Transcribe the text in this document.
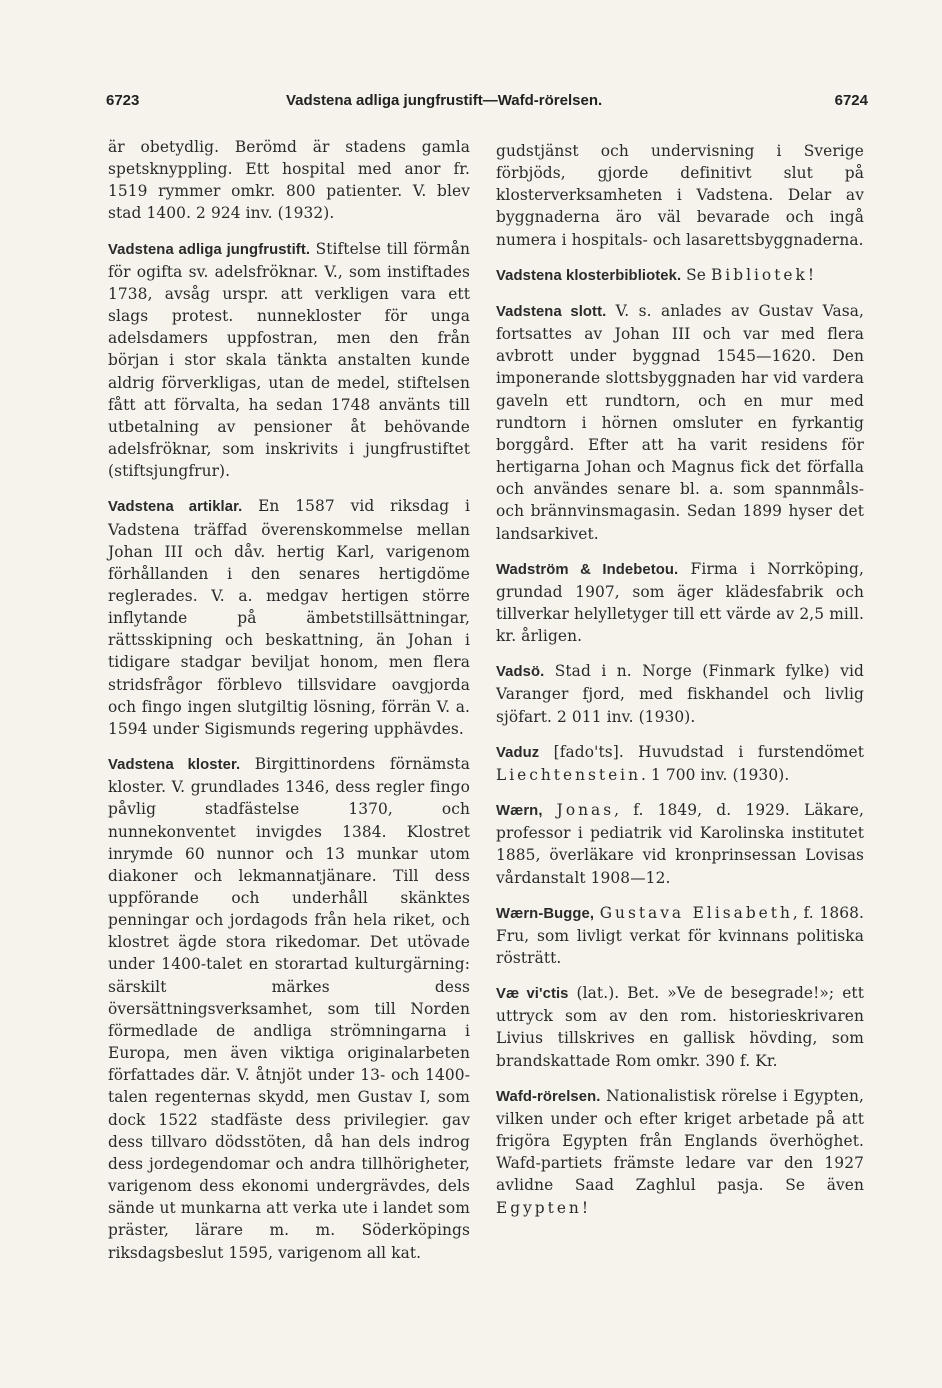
6723	Vadstena adliga jungfrustift—Wafd-rörelsen.	6724

är obetydlig. Berömd är stadens gamla spetsknyppling. Ett hospital med anor fr. 1519 rymmer omkr. 800 patienter. V. blev stad 1400. 2 924 inv. (1932).

Vadstena adliga jungfrustift. Stiftelse till förmån för ogifta sv. adelsfröknar. V., som instiftades 1738, avsåg urspr. att verkligen vara ett slags protest. nunnekloster för unga adelsdamers uppfostran, men den från början i stor skala tänkta anstalten kunde aldrig förverkligas, utan de medel, stiftelsen fått att förvalta, ha sedan 1748 använts till utbetalning av pensioner åt behövande adelsfröknar, som inskrivits i jungfrustiftet (stiftsjungfrur).

Vadstena artiklar. En 1587 vid riksdag i Vadstena träffad överenskommelse mellan Johan III och dåv. hertig Karl, varigenom förhållanden i den senares hertigdöme reglerades. V. a. medgav hertigen större inflytande på ämbetstillsättningar, rättsskipning och beskattning, än Johan i tidigare stadgar beviljat honom, men flera stridsfrågor förblevo tillsvidare oavgjorda och fingo ingen slutgiltig lösning, förrän V. a. 1594 under Sigismunds regering upphävdes.

Vadstena kloster. Birgittinordens förnämsta kloster. V. grundlades 1346, dess regler fingo påvlig stadfästelse 1370, och nunnekonventet invigdes 1384. Klostret inrymde 60 nunnor och 13 munkar utom diakoner och lekmannatjänare. Till dess uppförande och underhåll skänktes penningar och jordagods från hela riket, och klostret ägde stora rikedomar. Det utövade under 1400-talet en storartad kulturgärning: särskilt märkes dess översättningsverksamhet, som till Norden förmedlade de andliga strömningarna i Europa, men även viktiga originalarbeten författades där. V. åtnjöt under 13- och 1400-talen regenternas skydd, men Gustav I, som dock 1522 stadfäste dess privilegier. gav dess tillvaro dödsstöten, då han dels indrog dess jordegendomar och andra tillhörigheter, varigenom dess ekonomi undergrävdes, dels sände ut munkarna att verka ute i landet som präster, lärare m. m. Söderköpings riksdagsbeslut 1595, varigenom all kat.

gudstjänst och undervisning i Sverige förbjöds, gjorde definitivt slut på klosterverksamheten i Vadstena. Delar av byggnaderna äro väl bevarade och ingå numera i hospitals- och lasarettsbyggnaderna.

Vadstena klosterbibliotek. Se Bibliotek!

Vadstena slott. V. s. anlades av Gustav Vasa, fortsattes av Johan III och var med flera avbrott under byggnad 1545—1620. Den imponerande slottsbyggnaden har vid vardera gaveln ett rundtorn, och en mur med rundtorn i hörnen omsluter en fyrkantig borggård. Efter att ha varit residens för hertigarna Johan och Magnus fick det förfalla och användes senare bl. a. som spannmåls- och brännvinsmagasin. Sedan 1899 hyser det landsarkivet.

Wadström & Indebetou. Firma i Norrköping, grundad 1907, som äger klädesfabrik och tillverkar helylletyger till ett värde av 2,5 mill. kr. årligen.

Vadsö. Stad i n. Norge (Finmark fylke) vid Varanger fjord, med fiskhandel och livlig sjöfart. 2 011 inv. (1930).

Vaduz [fado'ts]. Huvudstad i furstendömet Liechtenstein. 1 700 inv. (1930).

Wærn, Jonas, f. 1849, d. 1929. Läkare, professor i pediatrik vid Karolinska institutet 1885, överläkare vid kronprinsessan Lovisas vårdanstalt 1908—12.

Wærn-Bugge, Gustava Elisabeth, f. 1868. Fru, som livligt verkat för kvinnans politiska rösträtt.

Væ vi'ctis (lat.). Bet. »Ve de besegrade!»; ett uttryck som av den rom. historieskrivaren Livius tillskrives en gallisk hövding, som brandskattade Rom omkr. 390 f. Kr.

Wafd-rörelsen. Nationalistisk rörelse i Egypten, vilken under och efter kriget arbetade på att frigöra Egypten från Englands överhöghet. Wafd-partiets främste ledare var den 1927 avlidne Saad Zaghlul pasja. Se även Egypten!
